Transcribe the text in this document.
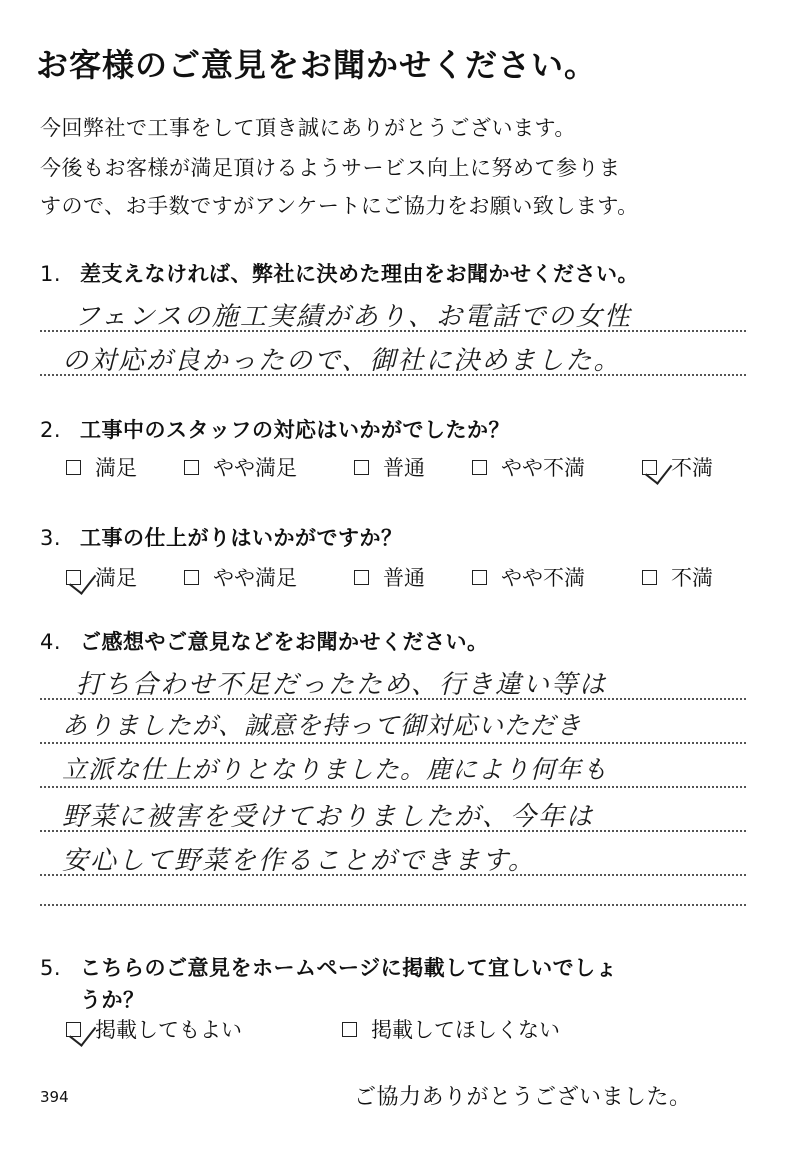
お客様のご意見をお聞かせください。
今回弊社で工事をして頂き誠にありがとうございます。
今後もお客様が満足頂けるようサービス向上に努めて参りま
すので、お手数ですがアンケートにご協力をお願い致します。
1. 差支えなければ、弊社に決めた理由をお聞かせください。
フェンスの施工実績があり、お電話での女性
の対応が良かったので、御社に決めました。
2. 工事中のスタッフの対応はいかがでしたか？
満足	やや満足	普通	やや不満	不満
3. 工事の仕上がりはいかがですか？
満足	やや満足	普通	やや不満	不満
4. ご感想やご意見などをお聞かせください。
打ち合わせ不足だったため、行き違い等は
ありましたが、誠意を持って御対応いただき
立派な仕上がりとなりました。鹿により何年も
野菜に被害を受けておりましたが、今年は
安心して野菜を作ることができます。
5. こちらのご意見をホームページに掲載して宜しいでしょ
うか？
掲載してもよい	掲載してほしくない
394	ご協力ありがとうございました。
